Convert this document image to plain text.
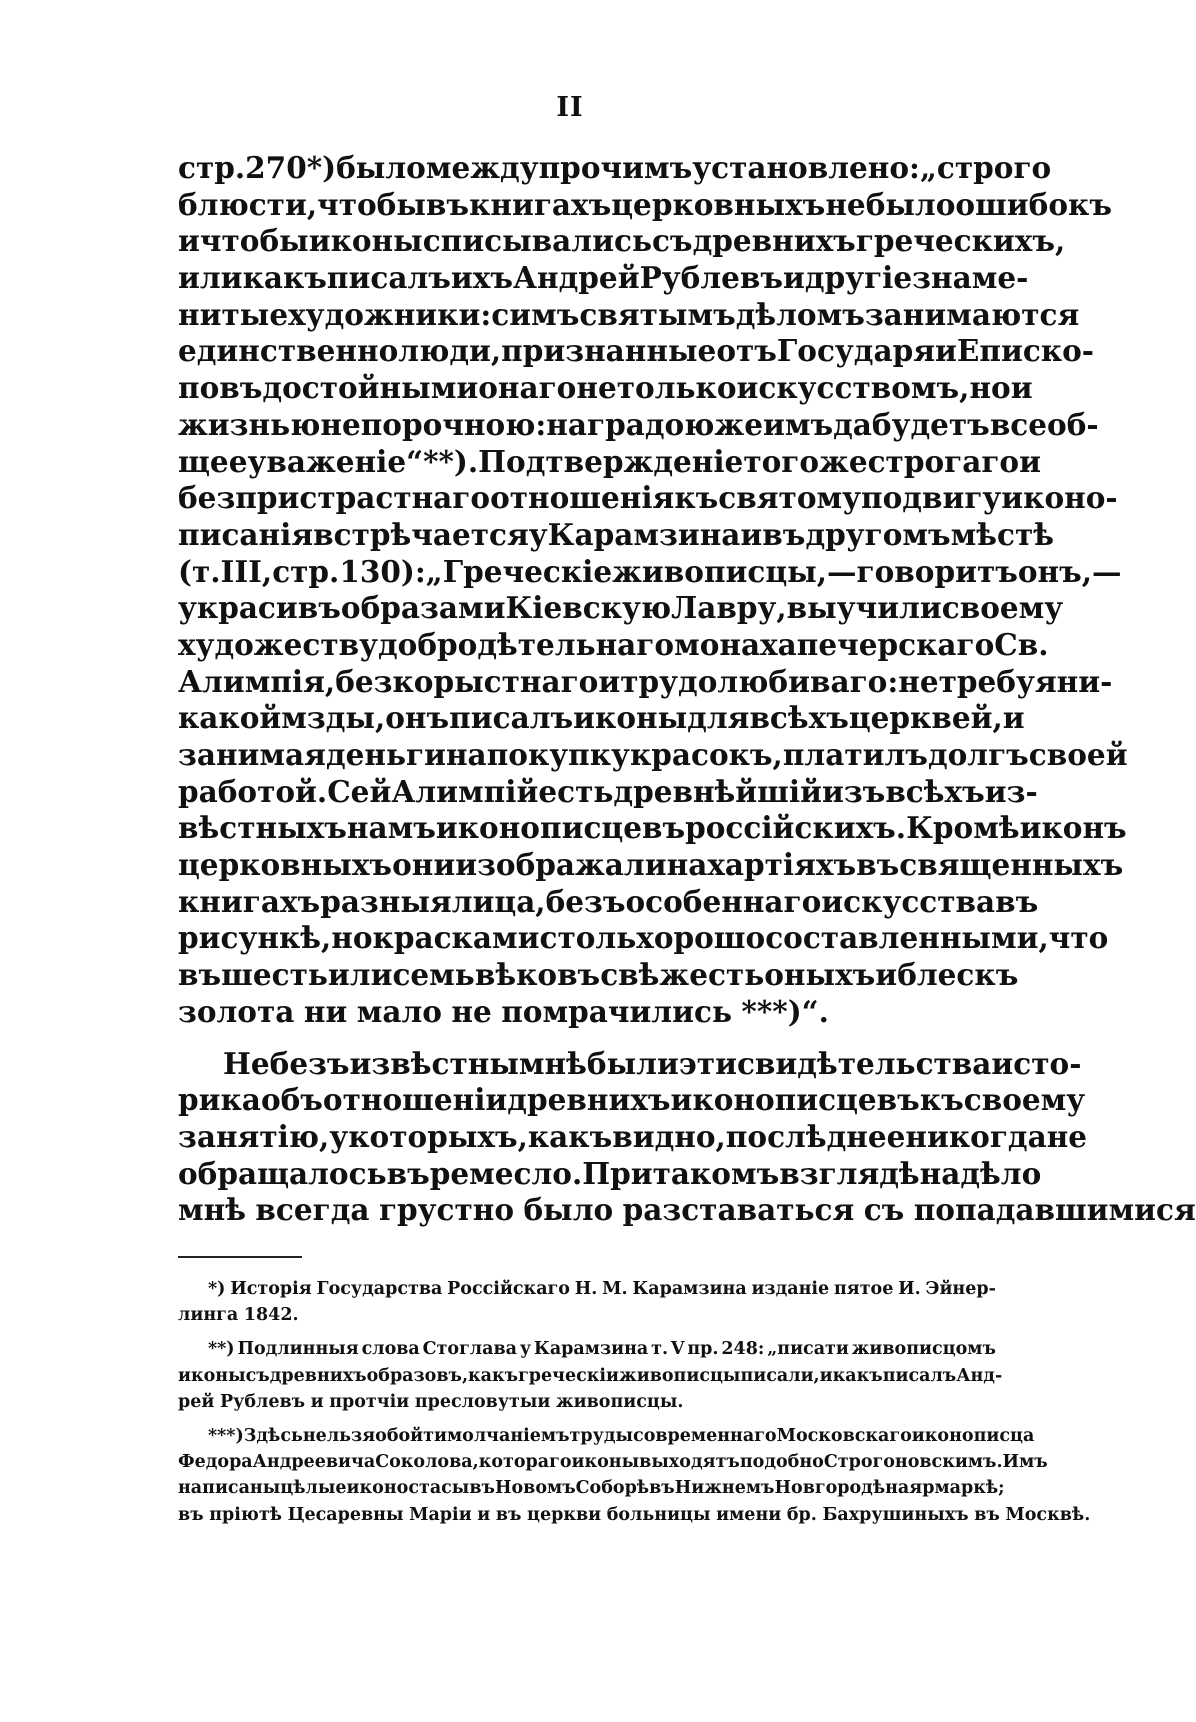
II
стр. 270 *) было между прочимъ установлено: „строго
блюсти, чтобы въ книгахъ церковныхъ не было ошибокъ
и чтобы иконы списывались съ древнихъ греческихъ,
или какъ писалъ ихъ Андрей Рублевъ и другіе знаме-
нитые художники: симъ святымъ дѣломъ занимаются
единственно люди, признанные отъ Государя и Еписко-
повъ достойными онаго не только искусствомъ, но и
жизнью непорочною: наградою же имъ да будетъ всеоб-
щее уваженіе“ **). Подтвержденіе того же строгаго и
безпристрастнаго отношенія къ святому подвигу иконо-
писанія встрѣчается у Карамзина и въ другомъ мѣстѣ
(т. III, стр. 130): „Греческіе живописцы,—говоритъ онъ,—
украсивъ образами Кіевскую Лавру, выучили своему
художеству добродѣтельнаго монаха печерскаго Св.
Алимпія, безкорыстнаго и трудолюбиваго: не требуя ни-
какой мзды, онъ писалъ иконы для всѣхъ церквей, и
занимая деньги на покупку красокъ, платилъ долгъ своей
работой. Сей Алимпій есть древнѣйшій изъ всѣхъ из-
вѣстныхъ намъ иконописцевъ россійскихъ. Кромѣ иконъ
церковныхъ они изображали на хартіяхъ въ священныхъ
книгахъ разныя лица, безъ особеннаго искусства въ
рисункѣ, но красками столь хорошо составленными, что
въ шесть или семь вѣковъ свѣжесть оныхъ и блескъ
золота ни мало не помрачились ***)“.
Не безъизвѣстны мнѣ были эти свидѣтельства исто-
рика объ отношеніи древнихъ иконописцевъ къ своему
занятію, у которыхъ, какъ видно, послѣднее никогда не
обращалось въ ремесло. При такомъ взглядѣ на дѣло
мнѣ всегда грустно было разставаться съ попадавшимися
*) Исторія Государства Россійскаго Н. М. Карамзина изданіе пятое И. Эйнер-
линга 1842.
**) Подлинныя слова Стоглава у Карамзина т. V пр. 248: „писати живописцомъ
иконы съ древнихъ образовъ, какъ греческіи живописцы писали, и какъ писалъ Анд-
рей Рублевъ и протчіи пресловутыи живописцы.
***) Здѣсь нельзя обойти молчаніемъ труды современнаго Московскаго иконописца
Федора Андреевича Соколова, котораго иконы выходятъ подобно Строгоновскимъ. Имъ
написаны цѣлые иконостасы въ Новомъ Соборѣ въ Нижнемъ Новгородѣ на ярмаркѣ;
въ пріютѣ Цесаревны Маріи и въ церкви больницы имени бр. Бахрушиныхъ въ Москвѣ.
